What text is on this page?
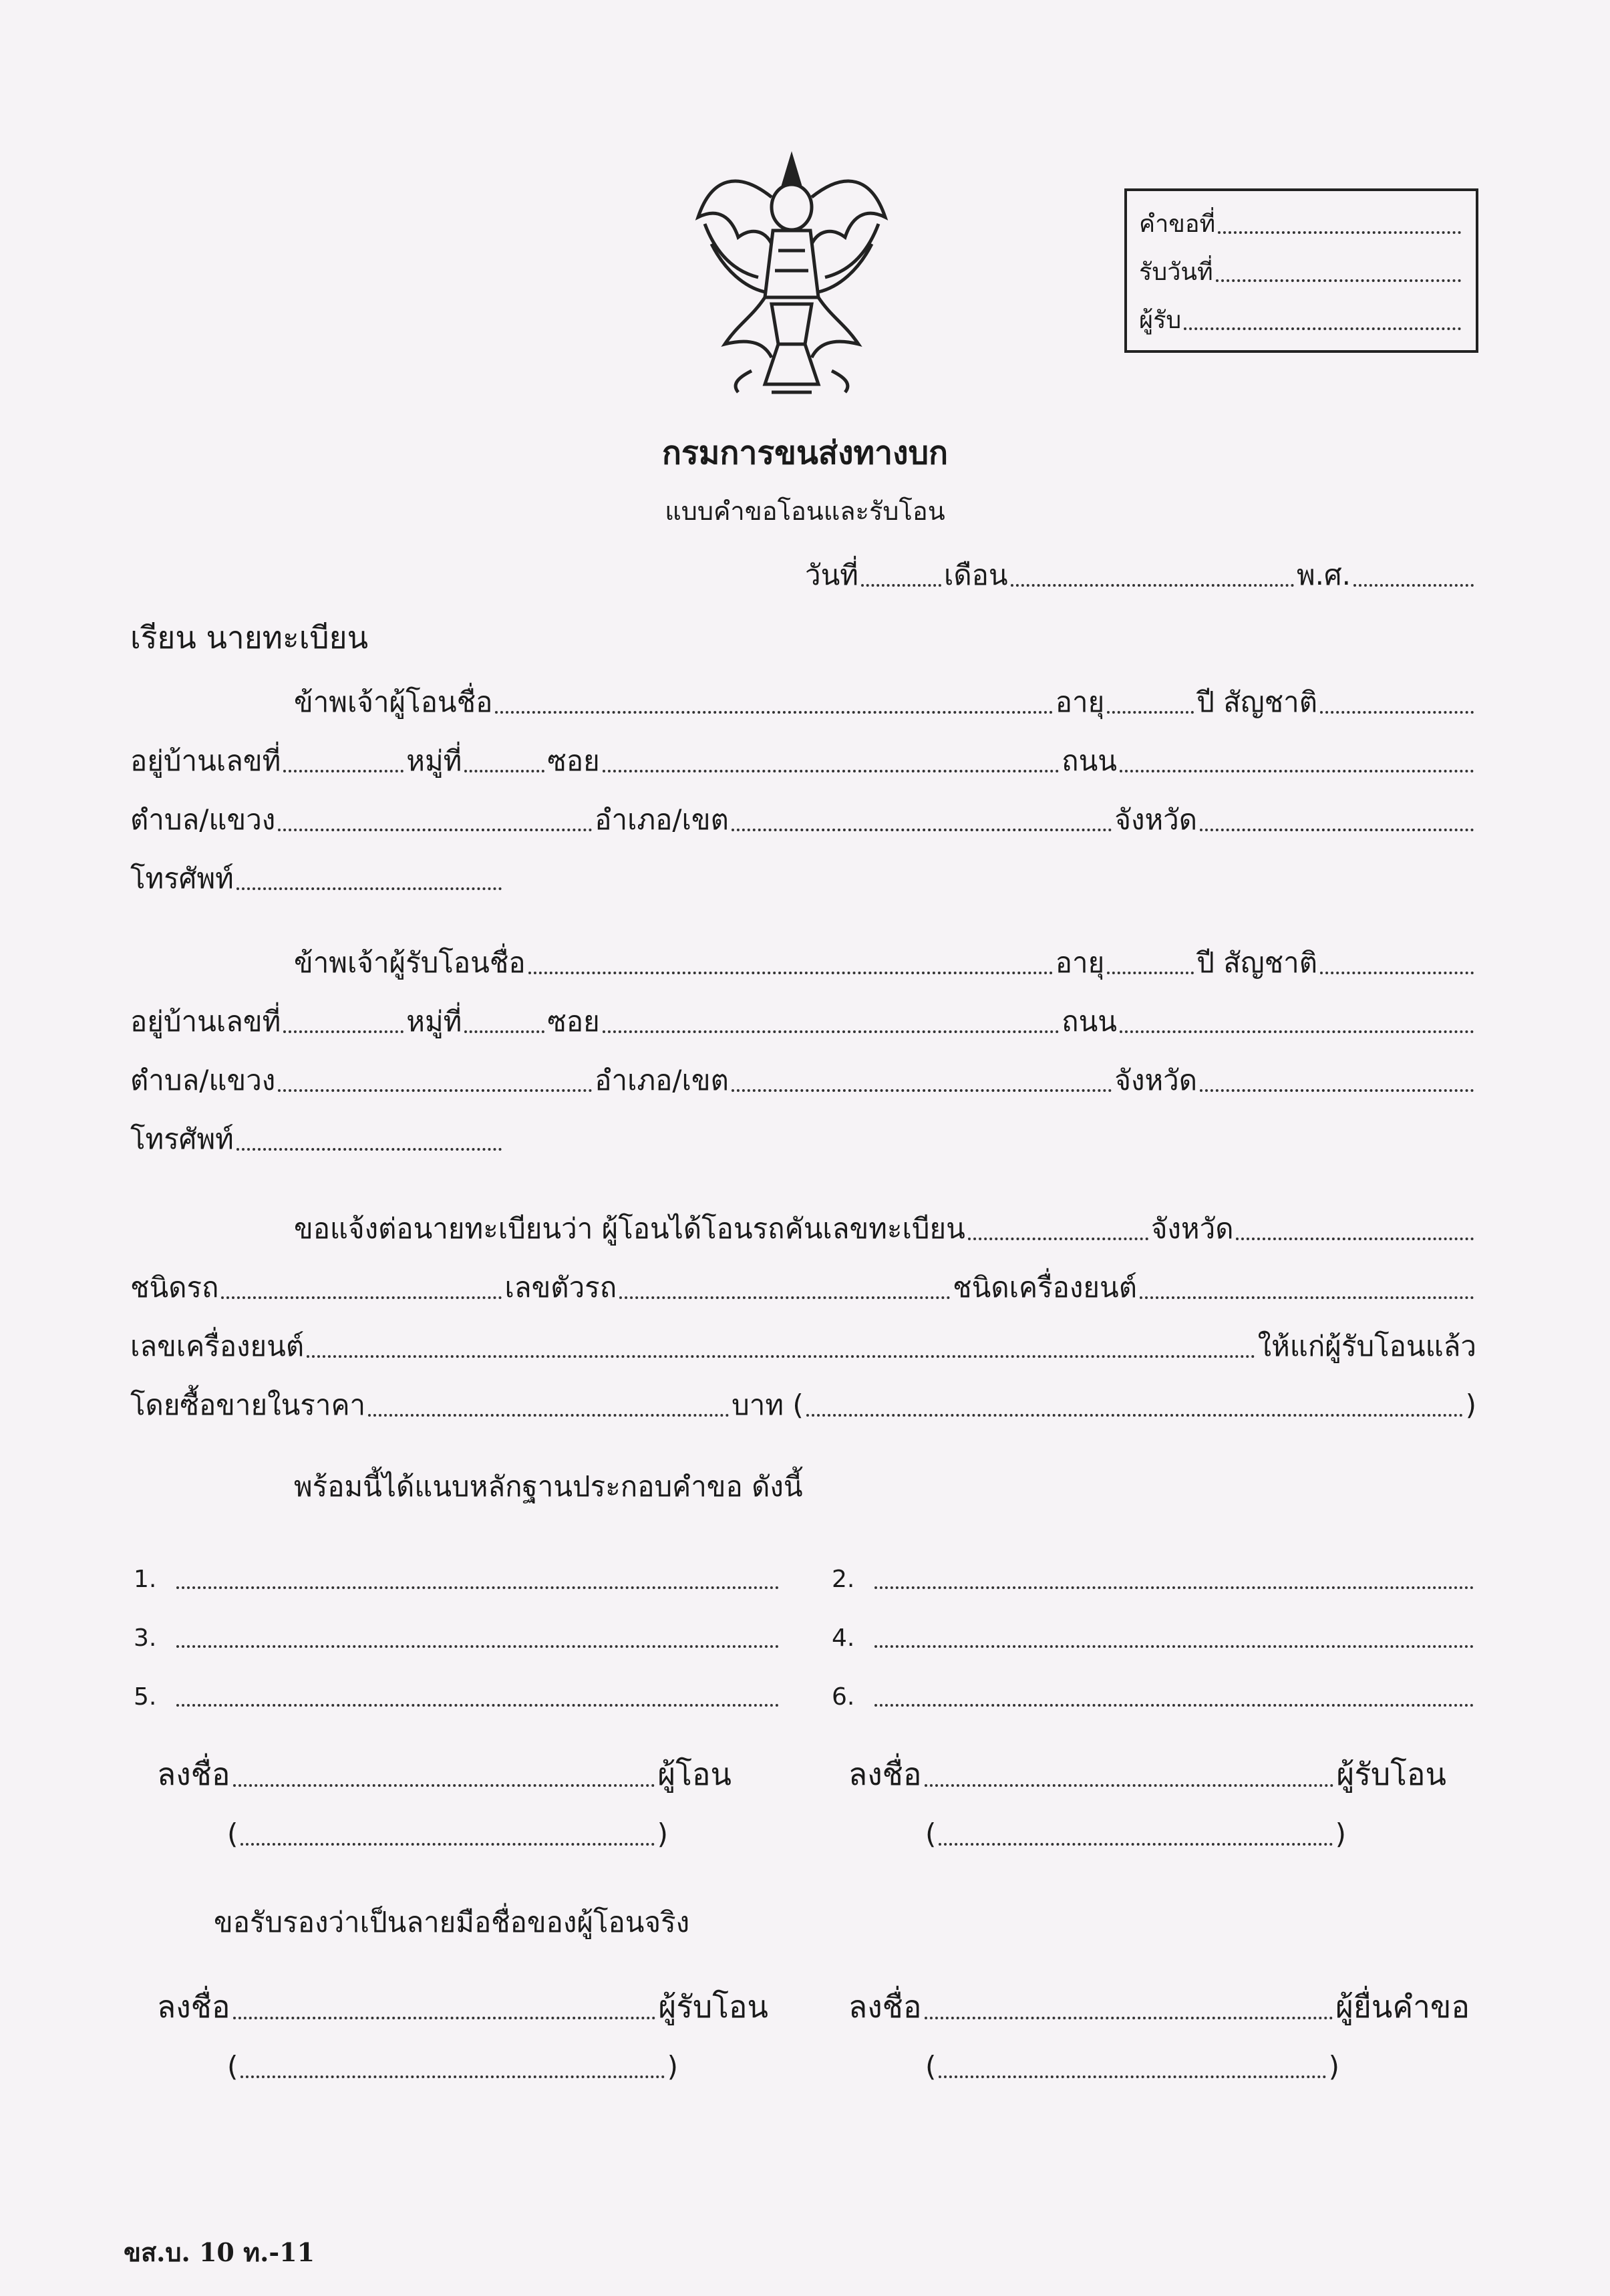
คำขอที่
รับวันที่
ผู้รับ
กรมการขนส่งทางบก
แบบคำขอโอนและรับโอน
วันที่	เดือน	พ.ศ.
เรียน นายทะเบียน
ข้าพเจ้าผู้โอนชื่อ	อายุ	ปี สัญชาติ
อยู่บ้านเลขที่	หมู่ที่	ซอย	ถนน
ตำบล/แขวง	อำเภอ/เขต	จังหวัด
โทรศัพท์
ข้าพเจ้าผู้รับโอนชื่อ	อายุ	ปี สัญชาติ
อยู่บ้านเลขที่	หมู่ที่	ซอย	ถนน
ตำบล/แขวง	อำเภอ/เขต	จังหวัด
โทรศัพท์
ขอแจ้งต่อนายทะเบียนว่า ผู้โอนได้โอนรถคันเลขทะเบียน	จังหวัด
ชนิดรถ	เลขตัวรถ	ชนิดเครื่องยนต์
เลขเครื่องยนต์	ให้แก่ผู้รับโอนแล้ว
โดยซื้อขายในราคา	บาท (	)
พร้อมนี้ได้แนบหลักฐานประกอบคำขอ ดังนี้
1.	2.
3.	4.
5.	6.
ลงชื่อ	ผู้โอน	ลงชื่อ	ผู้รับโอน
(	)	(	)
ขอรับรองว่าเป็นลายมือชื่อของผู้โอนจริง
ลงชื่อ	ผู้รับโอน	ลงชื่อ	ผู้ยื่นคำขอ
(	)	(	)
ขส.บ. 10 ท.-11
